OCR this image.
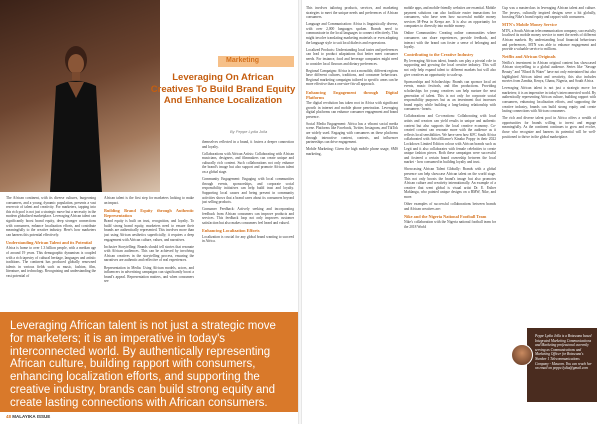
Marketing
Leveraging On African Creatives To Build Brand Equity And Enhance Localization
By Peppe Lydia Jolla

The African continent, with its diverse cultures, burgeoning consumers, and a young, dynamic population, presents a vast reservoir of talent and creativity. For marketers, tapping into this rich pool is not just a strategic move but a necessity in the modern globalised marketplace. Leveraging African talent can significantly boost brand equity, deep stronger connections with consumers, enhance localization efforts, and contribute meaningfully to the creative industry. Here's how marketers can harness this potential effectively.

Understanding African Talent and its Potential

Africa is home to over 1.3 billion people, with a median age of around 19 years. This demographic dynamism is coupled with a rich tapestry of cultural heritage, languages and artistic traditions. The continent has produced globally renowned talents in various fields such as music, fashion, film, literature, and technology. Recognizing and understanding the vast potential of

African talent is the first step for marketers looking to make an impact.

Building Brand Equity through Authentic Representation

Brand equity is built on trust, recognition, and loyalty. To build strong brand equity, marketers need to ensure their brands are authentically represented. This involves more than just using African aesthetics superficially; it requires a deep engagement with African culture, values, and narratives.

Inclusive Storytelling: Brands should tell stories that resonate with African audiences. This can be achieved by involving African creatives in the storytelling process, ensuring the narratives are authentic and reflective of real experiences.

Representation in Media: Using African models, actors, and influencers in advertising campaigns can significantly boost a brand's appeal. Representation matters, and when consumers see

themselves reflected in a brand, it fosters a deeper connection and loyalty.

Collaborations with African Artists: Collaborating with African musicians, designers, and filmmakers can create unique and culturally rich content. Such collaborations not only enhance the brand's image but also support and promote African talent on a global stage.

Community Engagement: Engaging with local communities through events, sponsorships, and corporate social responsibility initiatives can help build trust and loyalty. Supporting local causes and being present in community activities shows that a brand cares about its consumers beyond just selling products.

Consumer Feedback: Actively seeking and incorporating feedback from African consumers can improve products and services. This feedback loop not only improves customer satisfaction but also makes consumers feel heard and valued.

Enhancing Localization Efforts

Localization is crucial for any global brand wanting to succeed in Africa.

Leveraging African talent is not just a strategic move for marketers; it is an imperative in today's interconnected world. By authentically representing African culture, building rapport with consumers, enhancing localization efforts, and supporting the creative industry, brands can build strong equity and create lasting connections with African consumers.

48 MALAYIKA ISSUE

This involves tailoring products, services, and marketing strategies to meet the unique needs and preferences of African consumers.

Language and Communication: Africa is linguistically diverse, with over 2,000 languages spoken. Brands need to communicate in the local languages to connect effectively. This might involve translating marketing materials or even adapting the language style to suit local dialects and expressions.

Localized Products: Understanding local tastes and preferences can lead to product adaptations that better meet consumer needs. For instance, food and beverage companies might need to consider local flavours and dietary preferences.

Regional Campaigns: Africa is not a monolith; different regions have different cultures, traditions, and consumer behaviours. Regional marketing campaigns tailored to specific areas can be more effective than a one-size-fits-all approach.

Enhancing Engagement through Digital Platforms

The digital revolution has taken root in Africa with significant growth in internet and mobile phone penetration. Leveraging digital platforms can enhance consumer engagement and brand presence.

Social Media Engagement: Africa has a vibrant social media scene. Platforms like Facebook, Twitter, Instagram, and TikTok are widely used. Engaging with consumers on these platforms through interactive content, contests, and influencer partnerships can drive engagement.

Mobile Marketing: Given the high mobile phone usage, SMS marketing,

mobile apps, and mobile-friendly websites are essential. Mobile payment solutions can also facilitate easier transactions for consumers, who have seen how successful mobile money services M-Pesa in Kenya are. It is also an opportunity for companies to diversify into mobile money.

Online Communities: Creating online communities where consumers can share experiences, provide feedback, and interact with the brand can foster a sense of belonging and loyalty.

Contributing to the Creative Industry

By leveraging African talent, brands can play a pivotal role in supporting and growing the local creative industry. This will not only help expand talent to different markets but will also give creatives an opportunity to scale up.

Sponsorships and Scholarships: Brands can sponsor local art events, music festivals, and film productions. Providing scholarships for young creatives can help nurture the next generation of talent. This is not only for corporate social responsibility purposes but as an investment that increases brand equity while building a long-lasting relationship with consumers - hearts.

Collaborations and Co-creations: Collaborating with local artists and creators can yield results in unique and authentic content but also supports the local creative economy. Co-created content can resonate more with the audience as it reflects local sensibilities. We have seen how KFC South Africa collaborated with ArtistAlliance's Kinako Poppy in their 2022 Lockdown Limited Edition colour with African brands such as Legit and it also collaborates with female celebrities to create unique fashion pieces. Both these campaigns were successful and fostered a certain brand ownership between the local market - how consumed in building loyalty and trust.

Showcasing African Talent Globally: Brands with a global presence can help showcase African talent on the world stage. This not only boosts the brand's image but also promotes African culture and creativity internationally. An example of a creative that went global is visual artist Dr. E. Esther Mahlangu, who painted unique designs on a BMW, Nike, and more.

Other examples of successful collaborations between brands and African creatives are:

Nike and the Nigeria National Football Team

Nike's collaboration with the Nigeria national football team for the 2018 World

Cup was a masterclass in leveraging African talent and culture. The jerseys, culturally inspired designs were a hit globally, boosting Nike's brand equity and rapport with consumers.

MTN's Mobile Money Service

MTN, a South African telecommunication company, successfully localised its mobile money service to meet the needs of different African markets. By understanding local financial behaviours and preferences, MTN was able to enhance engagement and provide a valuable service to millions.

Netflix and African Originals

Netflix's investment in African original content has showcased African storytelling to a global audience. Series like "Savage Beauty" and "Blood & Water" have not only entertained but also highlighted African talent and creativity, this also includes movies from Zambia, Kenya, Ghana, Nigeria, and South Africa.

Leveraging African talent is not just a strategic move for marketers; it is an imperative in today's interconnected world. By authentically representing African culture, building rapport with consumers, enhancing localization efforts, and supporting the creative industry, brands can build strong equity and create lasting connections with African consumers.

The rich and diverse talent pool in Africa offers a wealth of opportunities for brands willing to invest and engage meaningfully. As the continent continues to grow and evolve, those who recognize and harness its potential will be well-positioned to thrive in the global marketplace.

Peppe Lydia Jolla is a Botswana based Integrated Marketing Communications and Marketing professional currently serving as Communications and Marketing Officer for Botswana's Number 1 Telecommunications Company - Mascom. You can reach her on email on peppe.lydia@gmail.com
